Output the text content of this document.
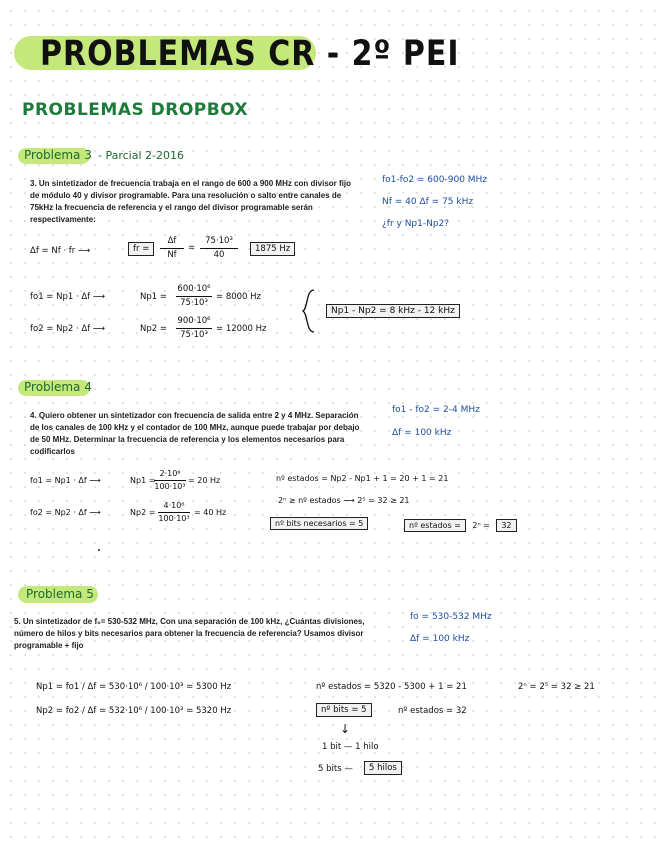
PROBLEMAS CR - 2º PEI
PROBLEMAS DROPBOX
Problema 3 - Parcial 2-2016
3. Un sintetizador de frecuencia trabaja en el rango de 600 a 900 MHz con divisor fijo de módulo 40 y divisor programable. Para una resolución o salto entre canales de 75kHz la frecuencia de referencia y el rango del divisor programable serán respectivamente:
fo1-fo2 = 600-900 MHz
Nf = 40 Δf = 75 kHz
¿fr y Np1-Np2?
Δf = Nf · fr ⟶	fr =
Δf
Nf
=
75·10³
40
1875 Hz
fo1 = Np1 · Δf ⟶	Np1 =
600·10⁶
75·10³
= 8000 Hz
fo2 = Np2 · Δf ⟶	Np2 =
900·10⁶
75·10³
= 12000 Hz
Np1 - Np2 = 8 kHz - 12 kHz
Problema 4
4. Quiero obtener un sintetizador con frecuencia de salida entre 2 y 4 MHz. Separación de los canales de 100 kHz y el contador de 100 MHz, aunque puede trabajar por debajo de 50 MHz. Determinar la frecuencia de referencia y los elementos necesarios para codificarlos
fo1 - fo2 = 2-4 MHz
Δf = 100 kHz
fo1 = Np1 · Δf ⟶	Np1 =
2·10⁶
100·10³
= 20 Hz
fo2 = Np2 · Δf ⟶	Np2 =
4·10⁶
100·10³
= 40 Hz
nº estados = Np2 - Np1 + 1 = 20 + 1 = 21
2ⁿ ≥ nº estados ⟶ 2⁵ = 32 ≥ 21
nº bits necesarios = 5	nº estados = 2ⁿ = 32
Problema 5
5. Un sintetizador de f₀= 530-532 MHz, Con una separación de 100 kHz, ¿Cuántas divisiones, número de hilos y bits necesarios para obtener la frecuencia de referencia? Usamos divisor programable + fijo
fo = 530-532 MHz
Δf = 100 kHz
Np1 = fo1 / Δf = 530·10⁶ / 100·10³ = 5300 Hz
Np2 = fo2 / Δf = 532·10⁶ / 100·10³ = 5320 Hz
nº estados = 5320 - 5300 + 1 = 21	2ⁿ = 2⁵ = 32 ≥ 21
nº bits = 5	nº estados = 32
↓
1 bit — 1 hilo
5 bits —	5 hilos
